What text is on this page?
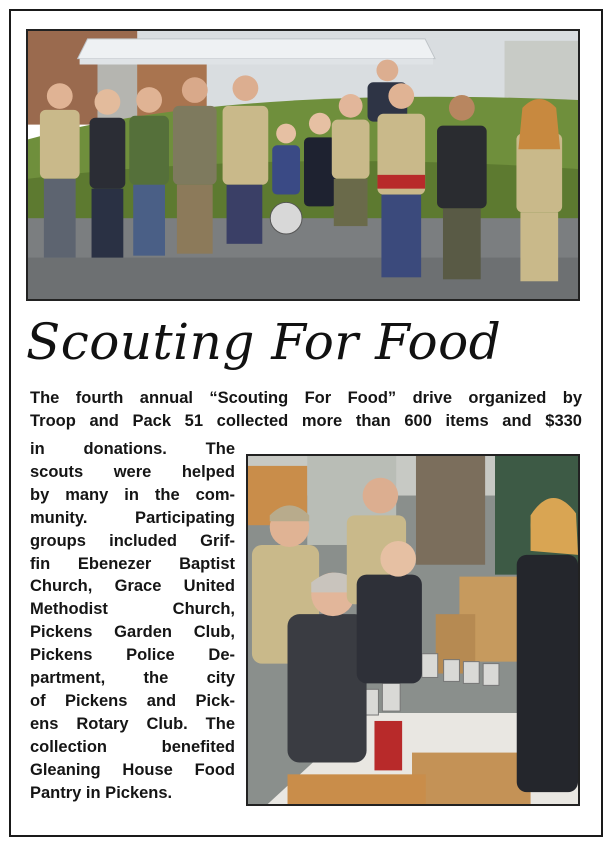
Scouting For Food
The fourth annual “Scouting For Food” drive organized by
Troop and Pack 51 collected more than 600 items and $330
in donations. The
scouts were helped
by many in the com-
munity. Participating
groups included Grif-
fin Ebenezer Baptist
Church, Grace United
Methodist Church,
Pickens Garden Club,
Pickens Police De-
partment, the city
of Pickens and Pick-
ens Rotary Club. The
collection benefited
Gleaning House Food
Pantry in Pickens.
